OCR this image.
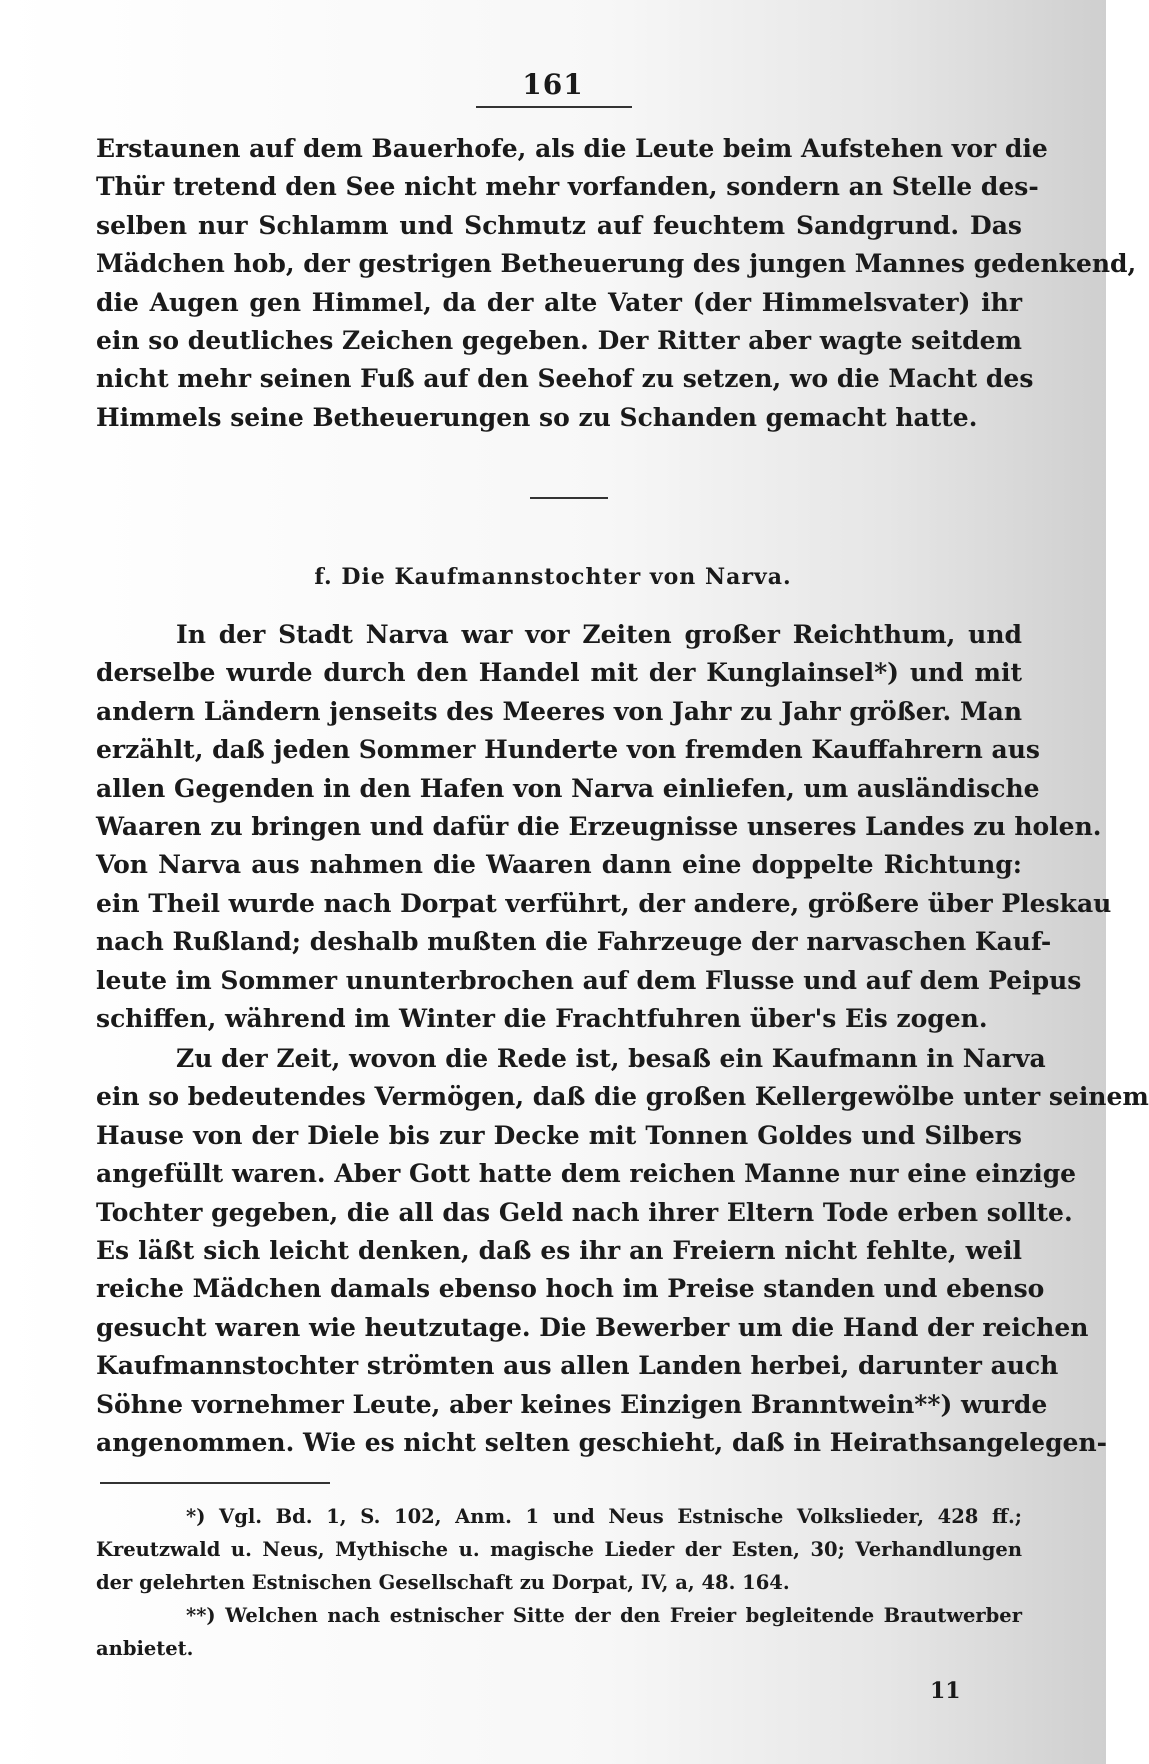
161
Erstaunen auf dem Bauerhofe, als die Leute beim Aufstehen vor die
Thür tretend den See nicht mehr vorfanden, sondern an Stelle des-
selben nur Schlamm und Schmutz auf feuchtem Sandgrund. Das
Mädchen hob, der gestrigen Betheuerung des jungen Mannes gedenkend,
die Augen gen Himmel, da der alte Vater (der Himmelsvater) ihr
ein so deutliches Zeichen gegeben. Der Ritter aber wagte seitdem
nicht mehr seinen Fuß auf den Seehof zu setzen, wo die Macht des
Himmels seine Betheuerungen so zu Schanden gemacht hatte.
f. Die Kaufmannstochter von Narva.
In der Stadt Narva war vor Zeiten großer Reichthum, und
derselbe wurde durch den Handel mit der Kunglainsel*) und mit
andern Ländern jenseits des Meeres von Jahr zu Jahr größer. Man
erzählt, daß jeden Sommer Hunderte von fremden Kauffahrern aus
allen Gegenden in den Hafen von Narva einliefen, um ausländische
Waaren zu bringen und dafür die Erzeugnisse unseres Landes zu holen.
Von Narva aus nahmen die Waaren dann eine doppelte Richtung:
ein Theil wurde nach Dorpat verführt, der andere, größere über Pleskau
nach Rußland; deshalb mußten die Fahrzeuge der narvaschen Kauf-
leute im Sommer ununterbrochen auf dem Flusse und auf dem Peipus
schiffen, während im Winter die Frachtfuhren über's Eis zogen.
Zu der Zeit, wovon die Rede ist, besaß ein Kaufmann in Narva
ein so bedeutendes Vermögen, daß die großen Kellergewölbe unter seinem
Hause von der Diele bis zur Decke mit Tonnen Goldes und Silbers
angefüllt waren. Aber Gott hatte dem reichen Manne nur eine einzige
Tochter gegeben, die all das Geld nach ihrer Eltern Tode erben sollte.
Es läßt sich leicht denken, daß es ihr an Freiern nicht fehlte, weil
reiche Mädchen damals ebenso hoch im Preise standen und ebenso
gesucht waren wie heutzutage. Die Bewerber um die Hand der reichen
Kaufmannstochter strömten aus allen Landen herbei, darunter auch
Söhne vornehmer Leute, aber keines Einzigen Branntwein**) wurde
angenommen. Wie es nicht selten geschieht, daß in Heirathsangelegen-
*) Vgl. Bd. 1, S. 102, Anm. 1 und Neus Estnische Volkslieder, 428 ff.;
Kreutzwald u. Neus, Mythische u. magische Lieder der Esten, 30; Verhandlungen
der gelehrten Estnischen Gesellschaft zu Dorpat, IV, a, 48. 164.
**) Welchen nach estnischer Sitte der den Freier begleitende Brautwerber
anbietet.
11
